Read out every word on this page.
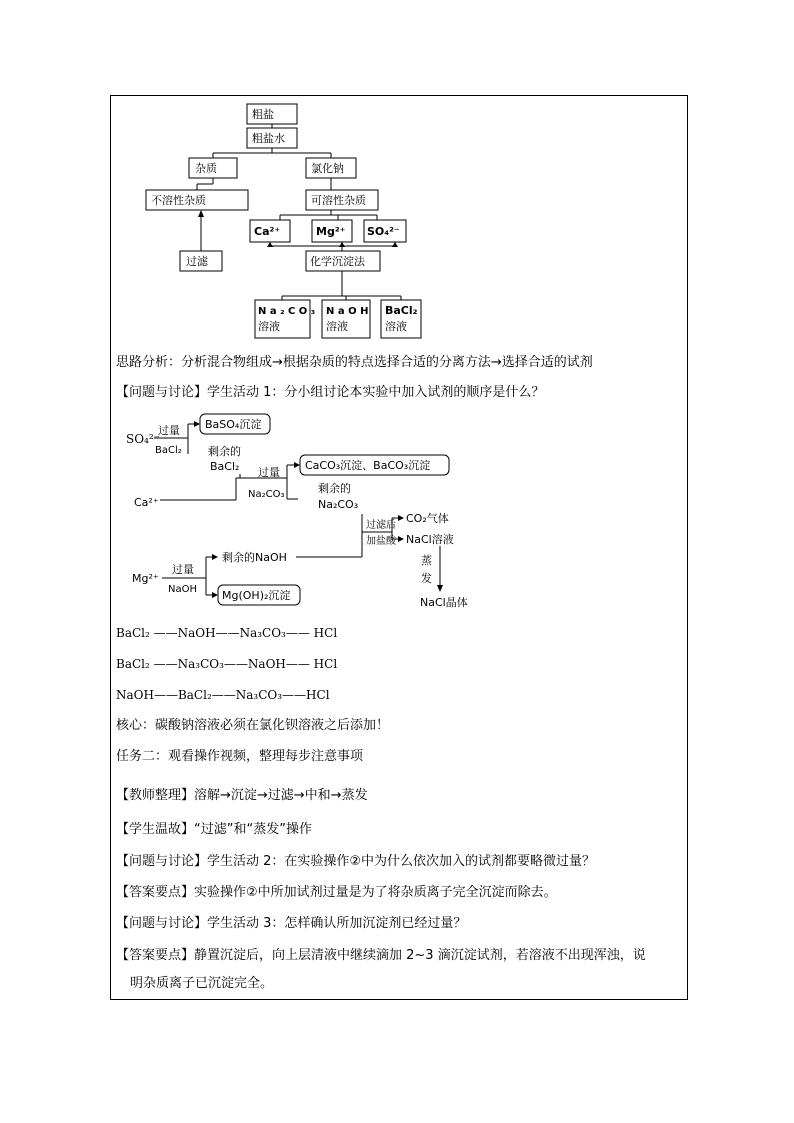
粗盐
粗盐水
杂质	氯化钠
不溶性杂质	可溶性杂质
Ca²⁺	Mg²⁺ SO₄²⁻
过滤	化学沉淀法
N a ₂ C O ₃
溶液
N a O H
溶液
BaCl₂
溶液
思路分析：分析混合物组成→根据杂质的特点选择合适的分离方法→选择合适的试剂
【问题与讨论】学生活动 1：分小组讨论本实验中加入试剂的顺序是什么？
SO₄²⁻
过量
BaCl₂
BaSO₄沉淀
剩余的
BaCl₂ 过量
Na₂CO₃
Ca²⁺
CaCO₃沉淀、BaCO₃沉淀
剩余的
Na₂CO₃
过滤后
加盐酸
CO₂气体
NaCl溶液
蒸
发
NaCl晶体
Mg²⁺
过量
NaOH
剩余的NaOH
Mg(OH)₂沉淀
BaCl₂ ——NaOH——Na₃CO₃—— HCl
BaCl₂ ——Na₃CO₃——NaOH—— HCl
NaOH——BaCl₂——Na₃CO₃——HCl
核心：碳酸钠溶液必须在氯化钡溶液之后添加！
任务二：观看操作视频，整理每步注意事项
【教师整理】溶解→沉淀→过滤→中和→蒸发
【学生温故】“过滤”和“蒸发”操作
【问题与讨论】学生活动 2：在实验操作②中为什么依次加入的试剂都要略微过量？
【答案要点】实验操作②中所加试剂过量是为了将杂质离子完全沉淀而除去。
【问题与讨论】学生活动 3：怎样确认所加沉淀剂已经过量？
【答案要点】静置沉淀后，向上层清液中继续滴加 2~3 滴沉淀试剂，若溶液不出现浑浊，说
明杂质离子已沉淀完全。
